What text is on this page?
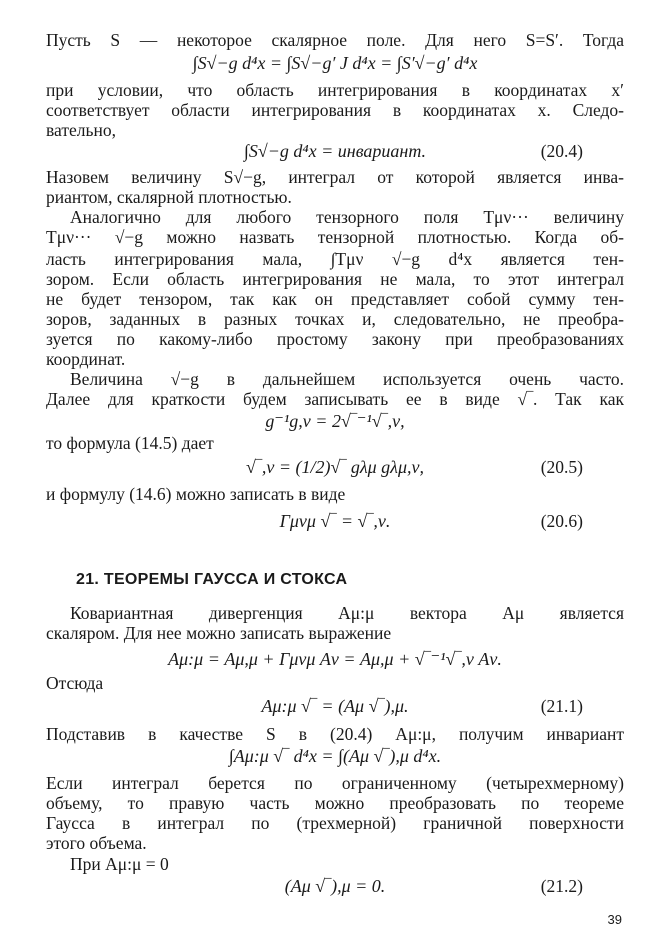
Пусть S — некоторое скалярное поле. Для него S=S′. Тогда
∫S√−g d⁴x = ∫S√−g′ J d⁴x = ∫S′√−g′ d⁴x
при условии, что область интегрирования в координатах x′
соответствует области интегрирования в координатах x. Следо-
вательно,
∫S√−g d⁴x = инвариант.	(20.4)
Назовем величину S√−g, интеграл от которой является инва-
риантом, скалярной плотностью.
Аналогично для любого тензорного поля Tμν··· величину
Tμν··· √−g можно назвать тензорной плотностью. Когда об-
ласть интегрирования мала, ∫Tμν √−g d⁴x является тен-
зором. Если область интегрирования не мала, то этот интеграл
не будет тензором, так как он представляет собой сумму тен-
зоров, заданных в разных точках и, следовательно, не преобра-
зуется по какому-либо простому закону при преобразованиях
координат.
Величина √−g в дальнейшем используется очень часто.
Далее для краткости будем записывать ее в виде √‾. Так как
g⁻¹g,ν = 2√‾⁻¹√‾,ν,
то формула (14.5) дает
√‾,ν = (1/2)√‾ gλμ gλμ,ν,	(20.5)
и формулу (14.6) можно записать в виде
Γμνμ √‾ = √‾,ν.	(20.6)
21. ТЕОРЕМЫ ГАУССА И СТОКСА
Ковариантная дивергенция Aμ:μ вектора Aμ является
скаляром. Для нее можно записать выражение
Aμ:μ = Aμ,μ + Γμνμ Aν = Aμ,μ + √‾⁻¹√‾,ν Aν.
Отсюда
Aμ:μ √‾ = (Aμ √‾),μ.	(21.1)
Подставив в качестве S в (20.4) Aμ:μ, получим инвариант
∫Aμ:μ √‾ d⁴x = ∫(Aμ √‾),μ d⁴x.
Если интеграл берется по ограниченному (четырехмерному)
объему, то правую часть можно преобразовать по теореме
Гаусса в интеграл по (трехмерной) граничной поверхности
этого объема.
При Aμ:μ = 0
(Aμ √‾),μ = 0.	(21.2)
39
